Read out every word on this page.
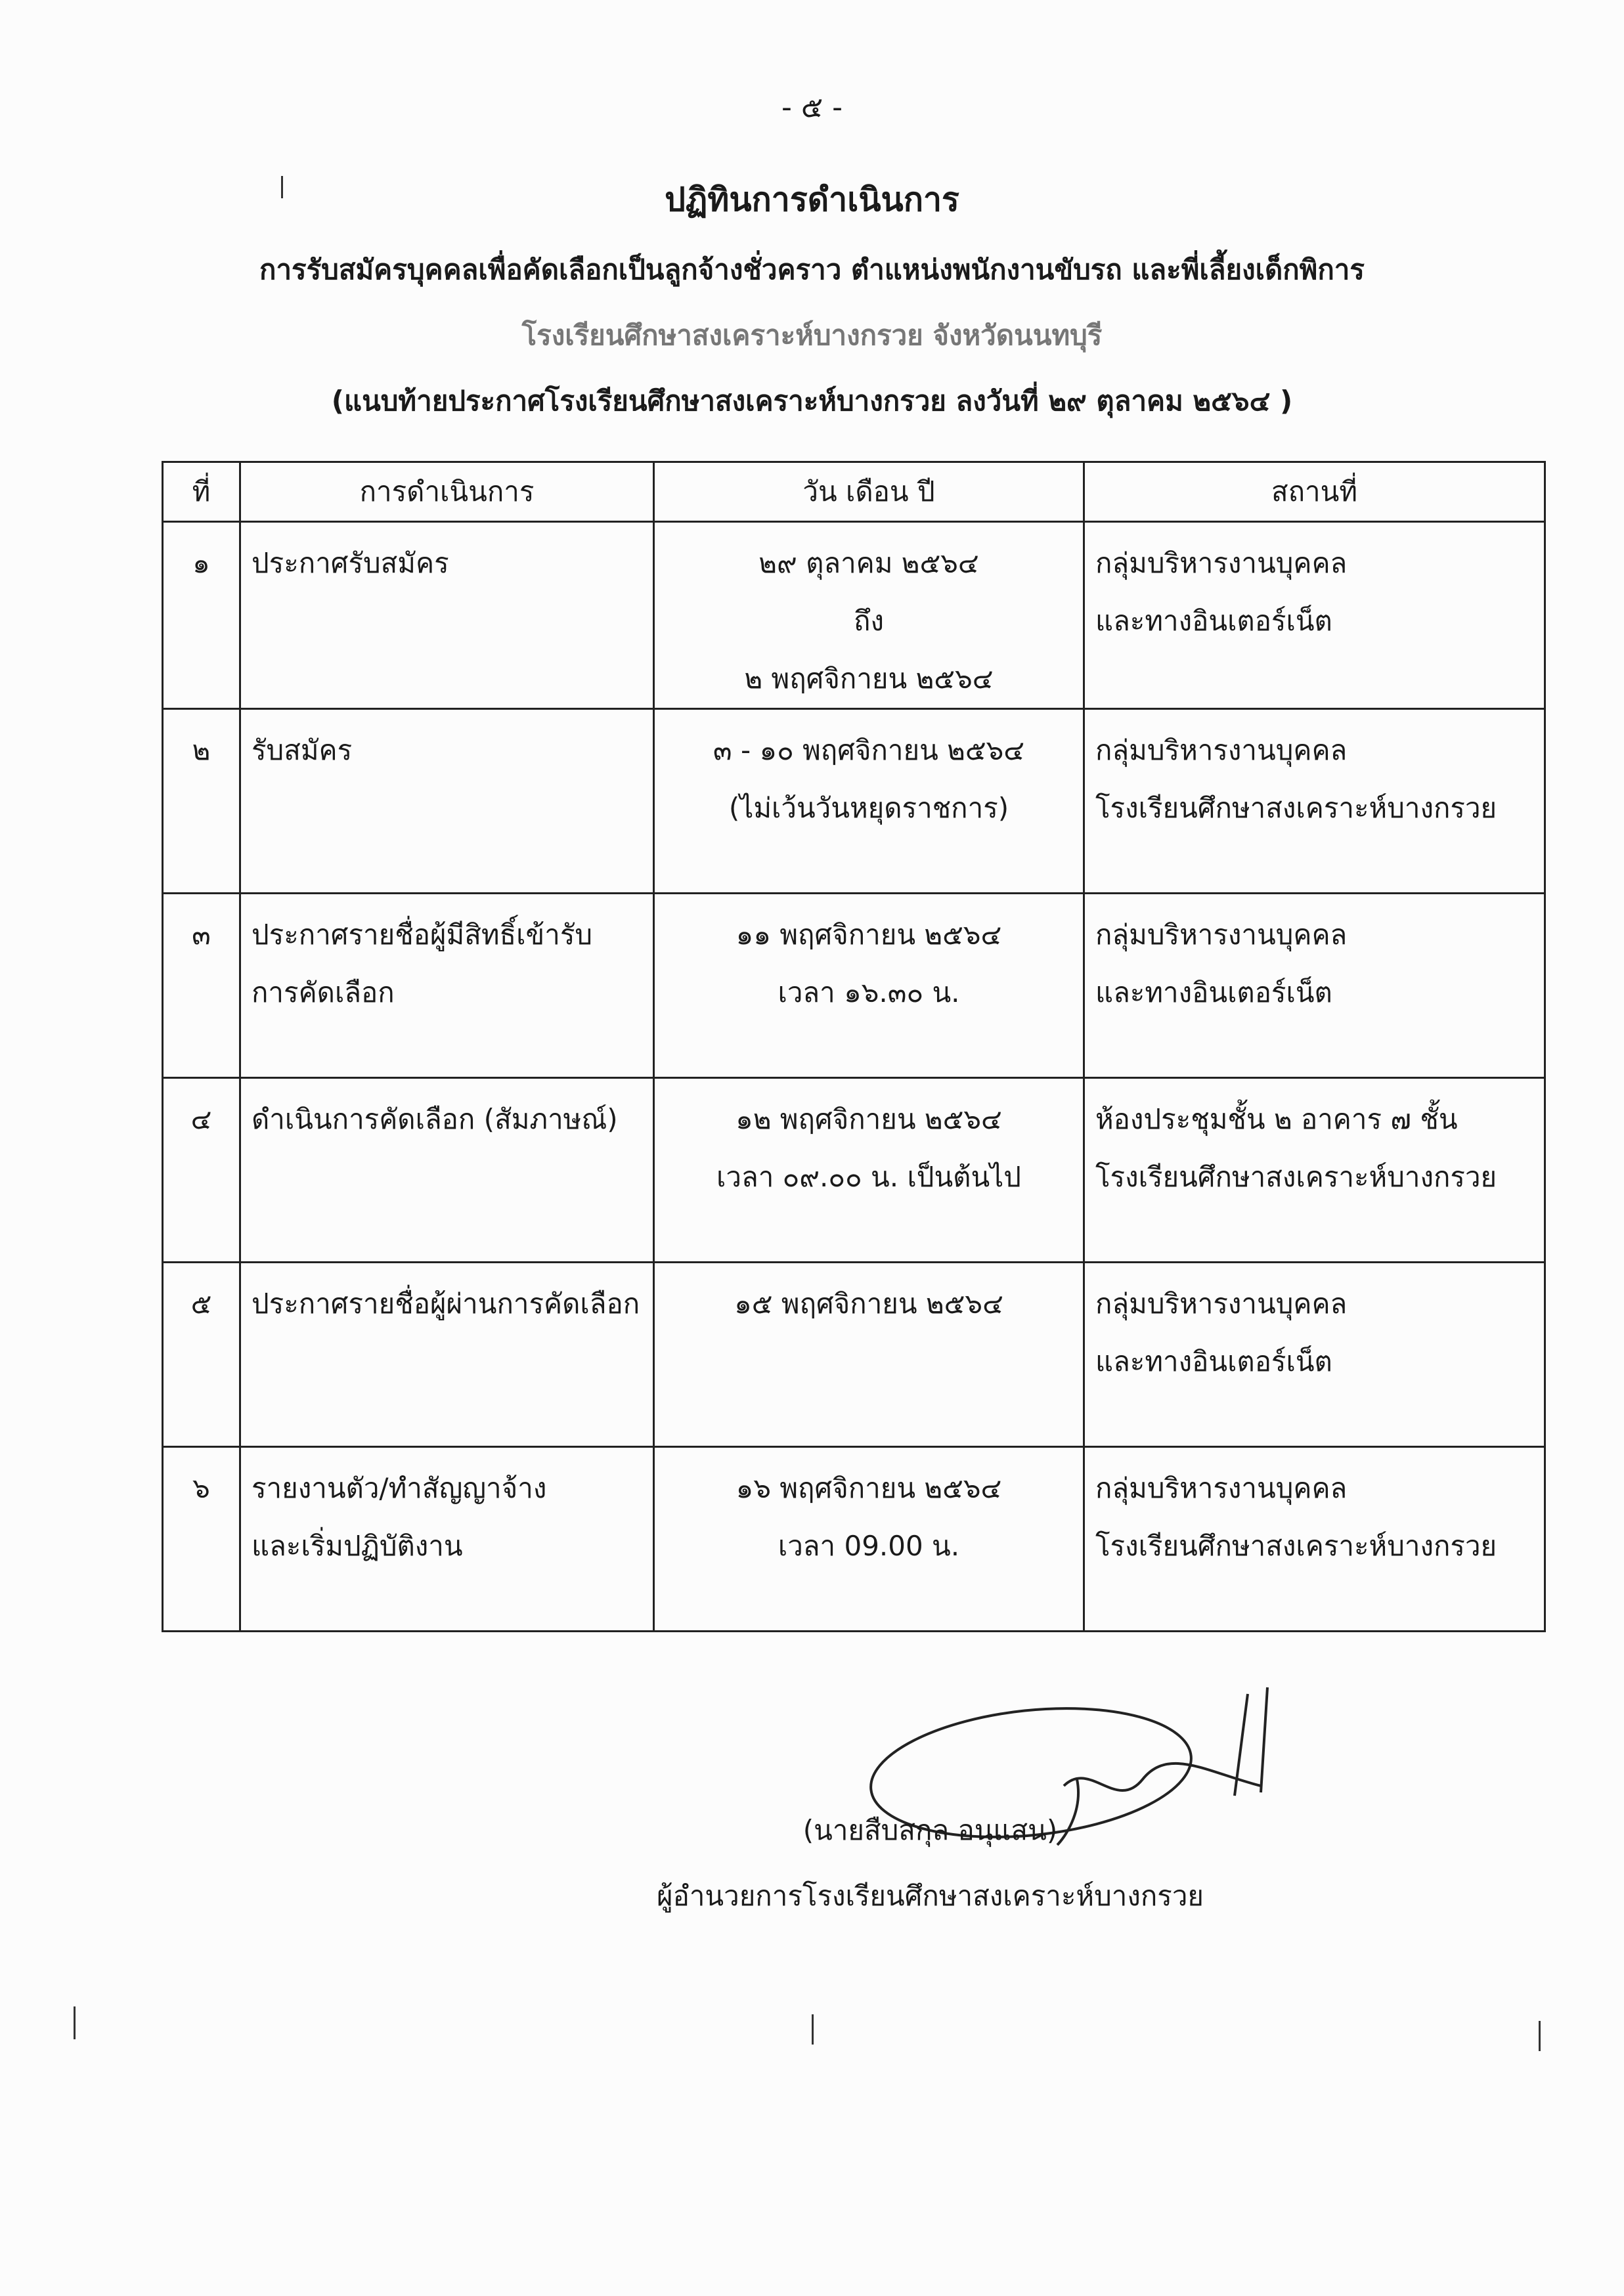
- ๕ -
ปฏิทินการดำเนินการ
การรับสมัครบุคคลเพื่อคัดเลือกเป็นลูกจ้างชั่วคราว ตำแหน่งพนักงานขับรถ และพี่เลี้ยงเด็กพิการ
โรงเรียนศึกษาสงเคราะห์บางกรวย จังหวัดนนทบุรี
(แนบท้ายประกาศโรงเรียนศึกษาสงเคราะห์บางกรวย ลงวันที่ ๒๙ ตุลาคม ๒๕๖๔ )
ที่	การดำเนินการ	วัน เดือน ปี	สถานที่
๑	ประกาศรับสมัคร	๒๙ ตุลาคม ๒๕๖๔
ถึง
๒ พฤศจิกายน ๒๕๖๔	กลุ่มบริหารงานบุคคล
และทางอินเตอร์เน็ต

๒	รับสมัคร	๓ - ๑๐ พฤศจิกายน ๒๕๖๔
(ไม่เว้นวันหยุดราชการ)	กลุ่มบริหารงานบุคคล
โรงเรียนศึกษาสงเคราะห์บางกรวย

๓	ประกาศรายชื่อผู้มีสิทธิ์เข้ารับ
การคัดเลือก	๑๑ พฤศจิกายน ๒๕๖๔
เวลา ๑๖.๓๐ น.	กลุ่มบริหารงานบุคคล
และทางอินเตอร์เน็ต

๔	ดำเนินการคัดเลือก (สัมภาษณ์)	๑๒ พฤศจิกายน ๒๕๖๔
เวลา ๐๙.๐๐ น. เป็นต้นไป	ห้องประชุมชั้น ๒ อาคาร ๗ ชั้น
โรงเรียนศึกษาสงเคราะห์บางกรวย

๕	ประกาศรายชื่อผู้ผ่านการคัดเลือก	๑๕ พฤศจิกายน ๒๕๖๔	กลุ่มบริหารงานบุคคล
และทางอินเตอร์เน็ต

๖	รายงานตัว/ทำสัญญาจ้าง
และเริ่มปฏิบัติงาน	๑๖ พฤศจิกายน ๒๕๖๔
เวลา 09.00 น.	กลุ่มบริหารงานบุคคล
โรงเรียนศึกษาสงเคราะห์บางกรวย
(นายสืบสกุล อนุแสน)
ผู้อำนวยการโรงเรียนศึกษาสงเคราะห์บางกรวย
